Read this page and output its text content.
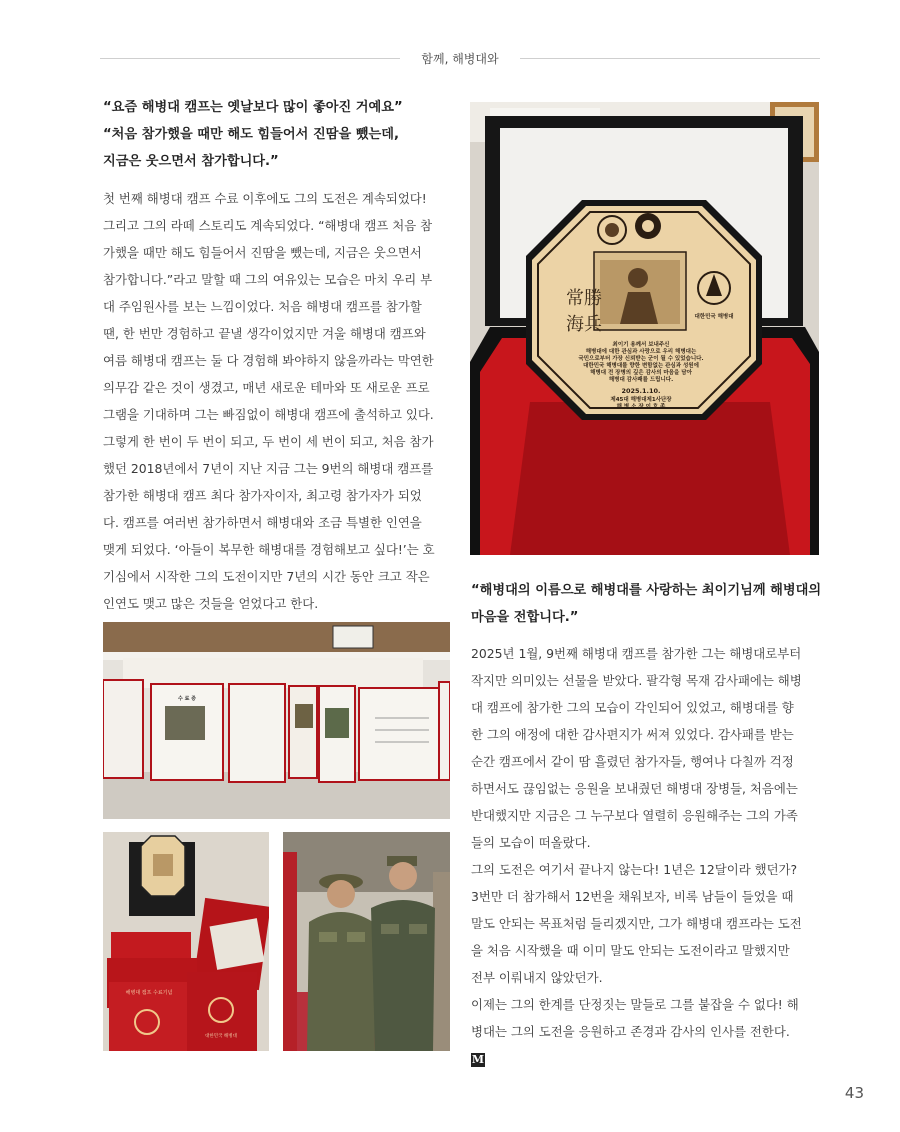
함께, 해병대와
“요즘 해병대 캠프는 옛날보다 많이 좋아진 거예요”
“처음 참가했을 때만 해도 힘들어서 진땀을 뺐는데,
지금은 웃으면서 참가합니다.”
첫 번째 해병대 캠프 수료 이후에도 그의 도전은 계속되었다!
그리고 그의 라떼 스토리도 계속되었다. “해병대 캠프 처음 참
가했을 때만 해도 힘들어서 진땀을 뺐는데, 지금은 웃으면서
참가합니다.”라고 말할 때 그의 여유있는 모습은 마치 우리 부
대 주임원사를 보는 느낌이었다. 처음 해병대 캠프를 참가할
땐, 한 번만 경험하고 끝낼 생각이었지만 겨울 해병대 캠프와
여름 해병대 캠프는 둘 다 경험해 봐야하지 않을까라는 막연한
의무감 같은 것이 생겼고, 매년 새로운 테마와 또 새로운 프로
그램을 기대하며 그는 빠짐없이 해병대 캠프에 출석하고 있다.
그렇게 한 번이 두 번이 되고, 두 번이 세 번이 되고, 처음 참가
했던 2018년에서 7년이 지난 지금 그는 9번의 해병대 캠프를
참가한 해병대 캠프 최다 참가자이자, 최고령 참가자가 되었
다. 캠프를 여러번 참가하면서 해병대와 조금 특별한 인연을
맺게 되었다. ‘아들이 복무한 해병대를 경험해보고 싶다!’는 호
기심에서 시작한 그의 도전이지만 7년의 시간 동안 크고 작은
인연도 맺고 많은 것들을 얻었다고 한다.
常勝
海兵	대한민국 해병대
최이기 용께서 보내주신
해병대에 대한 관심과 사랑으로 우리 해병대는
국민으로부터 가장 신뢰받는 군이 될 수 있었습니다.
대한민국 해병대를 향한 변함없는 관심과 성원에
해병대 전 장병의 깊은 감사의 마음을 담아
해병대 감사패를 드립니다.
2025.1.10.
제45대 해병대제1사단장
해 병 소 장 이 호 종
“해병대의 이름으로 해병대를 사랑하는 최이기님께 해병대의
마음을 전합니다.”
2025년 1월, 9번째 해병대 캠프를 참가한 그는 해병대로부터
작지만 의미있는 선물을 받았다. 팔각형 목재 감사패에는 해병
대 캠프에 참가한 그의 모습이 각인되어 있었고, 해병대를 향
한 그의 애정에 대한 감사편지가 써져 있었다. 감사패를 받는
순간 캠프에서 같이 땀 흘렸던 참가자들, 행여나 다칠까 걱정
하면서도 끊임없는 응원을 보내줬던 해병대 장병들, 처음에는
반대했지만 지금은 그 누구보다 열렬히 응원해주는 그의 가족
들의 모습이 떠올랐다.
그의 도전은 여기서 끝나지 않는다! 1년은 12달이라 했던가?
3번만 더 참가해서 12번을 채워보자, 비록 남들이 들었을 때
말도 안되는 목표처럼 들리겠지만, 그가 해병대 캠프라는 도전
을 처음 시작했을 때 이미 말도 안되는 도전이라고 말했지만
전부 이뤄내지 않았던가.
이제는 그의 한계를 단정짓는 말들로 그를 붙잡을 수 없다! 해
병대는 그의 도전을 응원하고 존경과 감사의 인사를 전한다.
M
수 료 증
해병대 캠프 수료기념
대한민국 해병대
43
